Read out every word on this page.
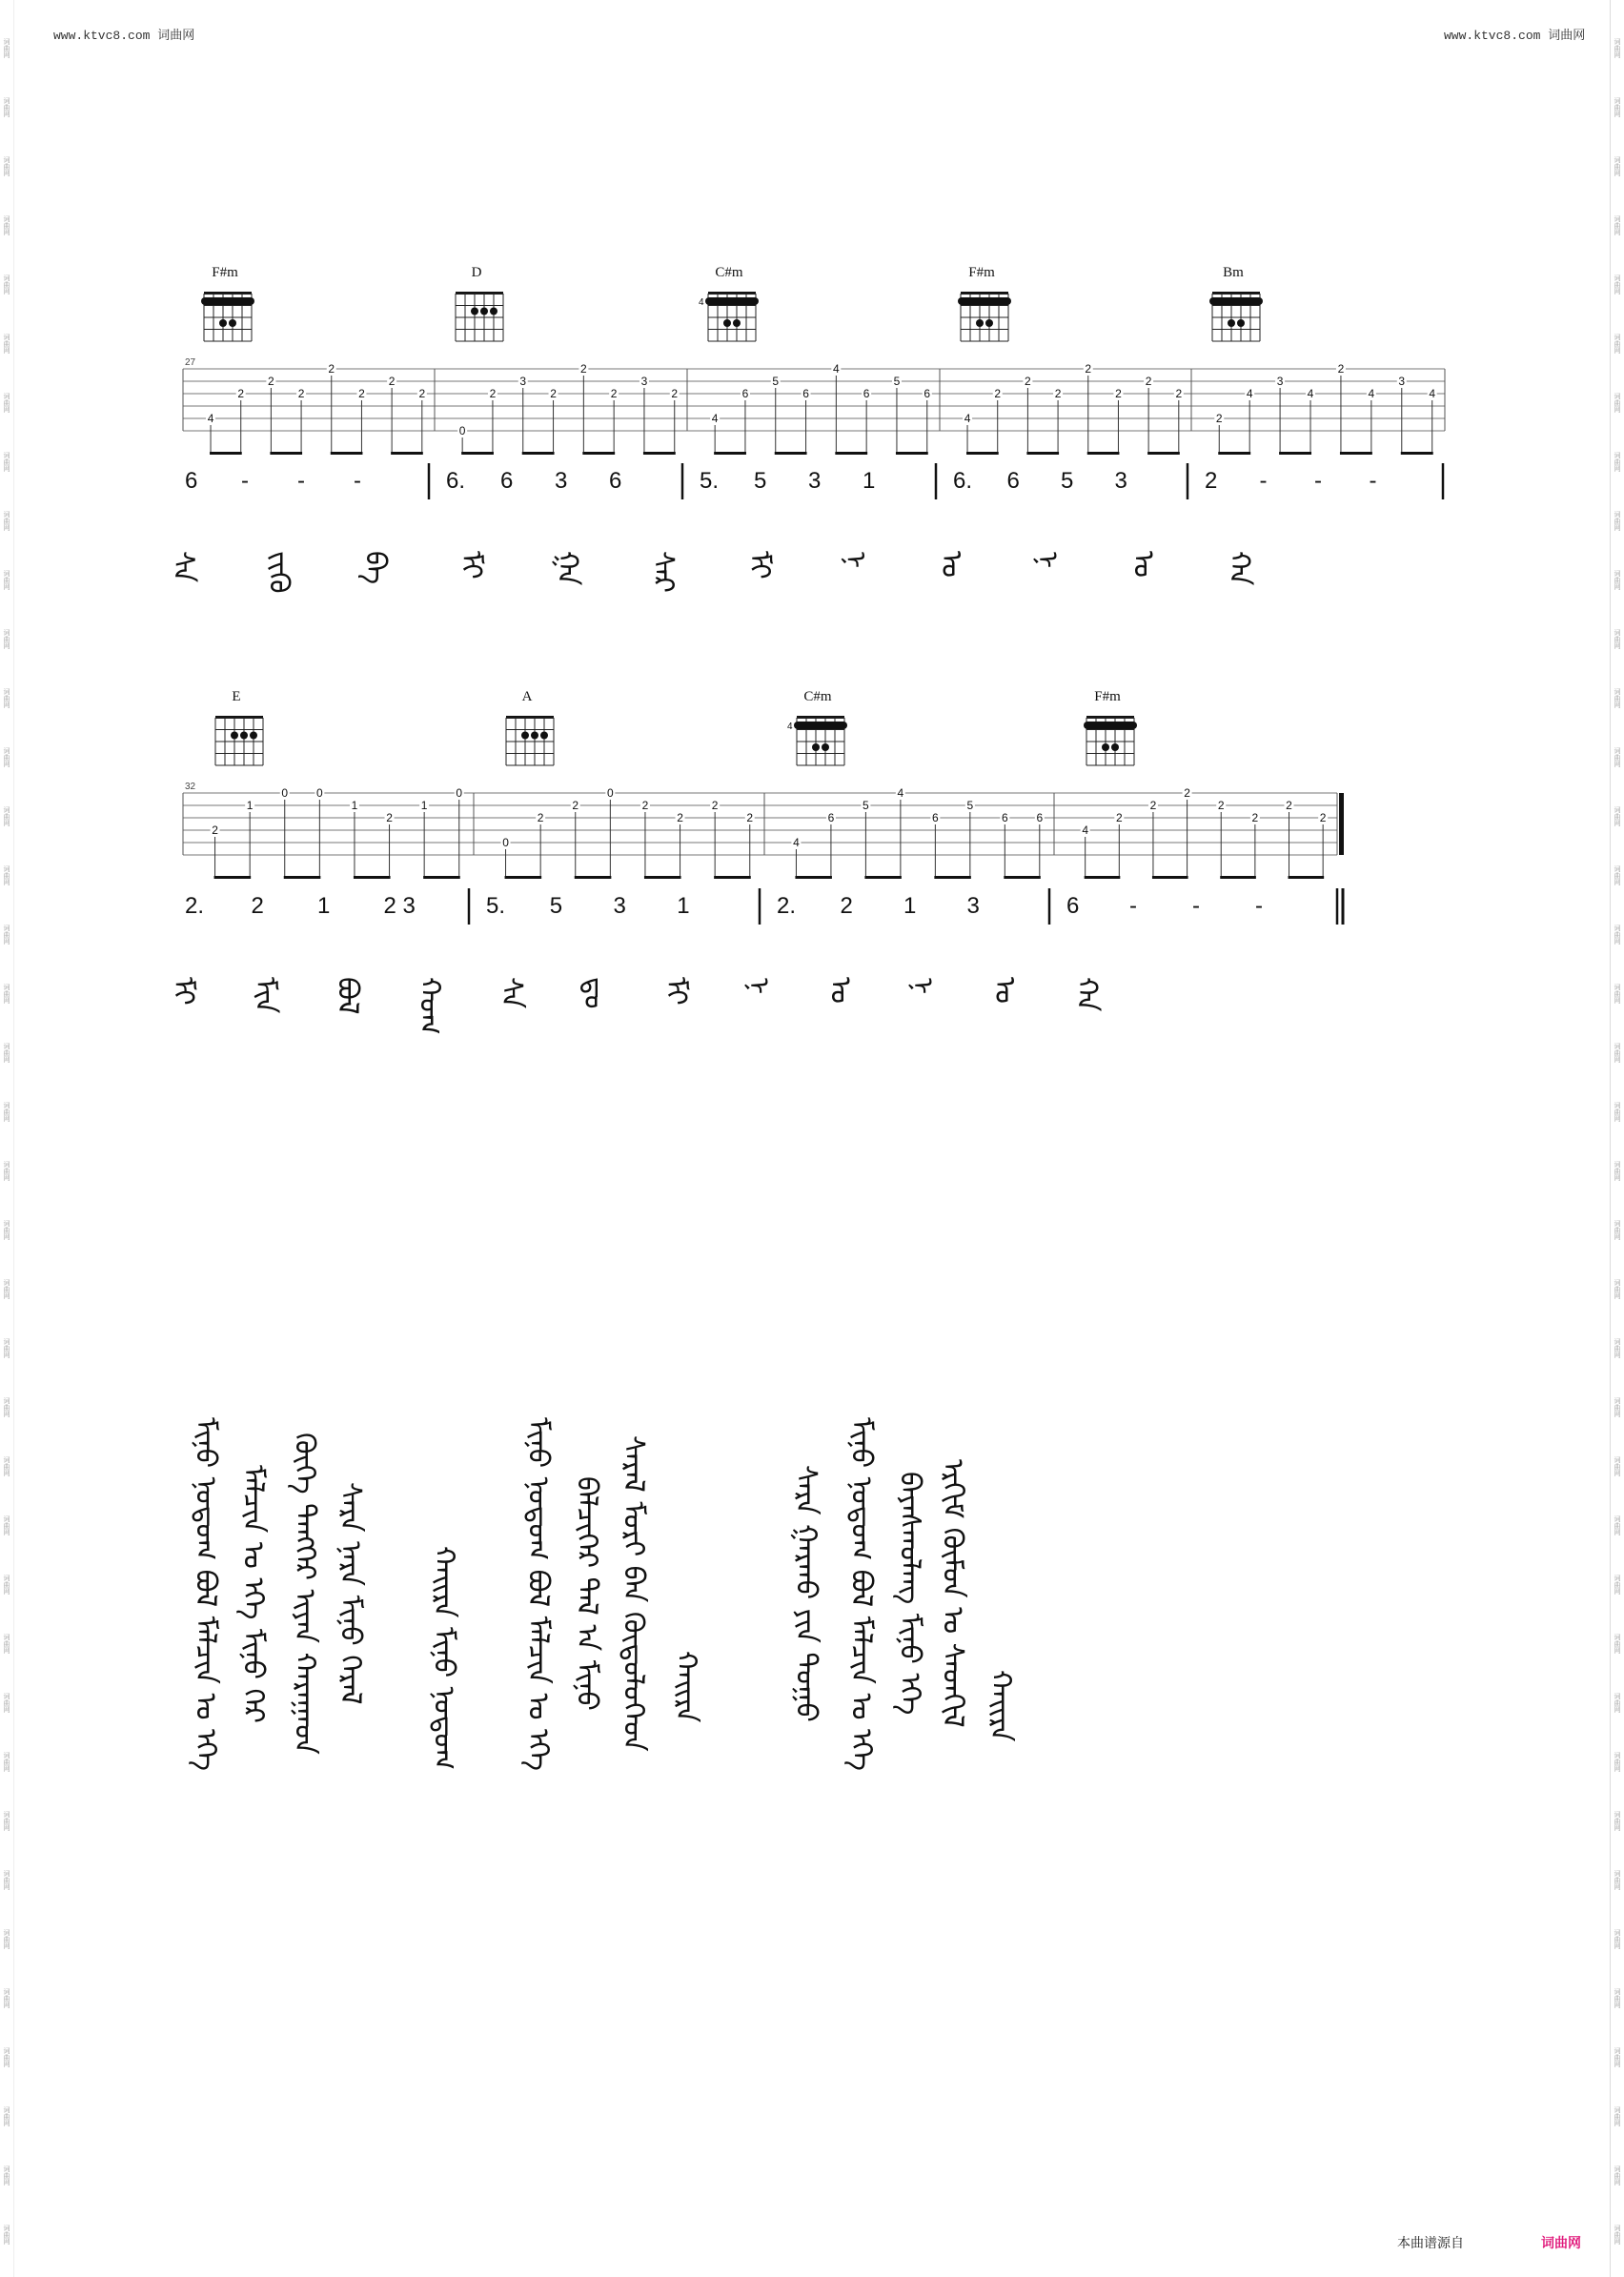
www.ktvc8.com 词曲网	www.ktvc8.com 词曲网
词曲网
词曲网
词曲网
词曲网
词曲网
词曲网
词曲网
词曲网
词曲网
词曲网
词曲网
词曲网
词曲网
词曲网
词曲网
词曲网
词曲网
词曲网
词曲网
词曲网
词曲网
词曲网
词曲网
词曲网
词曲网
词曲网
词曲网
词曲网
词曲网
词曲网
词曲网
词曲网
词曲网
词曲网
词曲网
词曲网
词曲网
词曲网
词曲网
词曲网
词曲网
词曲网
词曲网
词曲网
词曲网
词曲网
词曲网
词曲网
词曲网
词曲网
词曲网
词曲网
词曲网
词曲网
词曲网
词曲网
词曲网
词曲网
词曲网
词曲网
词曲网
词曲网
词曲网
词曲网
词曲网
词曲网
词曲网
词曲网
词曲网
词曲网
词曲网
词曲网
词曲网
词曲网
词曲网
词曲网
27
4
2
2
2
2
2
2
2
0
2
3
2
2
2
3
2
4
6
5
6
4
6
5
6
4
2
2
2
2
2
2
2
2
4
3
4
2
4
3
4
F#m	D	C#m
4
F#m	Bm
6 - - -	6. 6 3 6	5. 5 3 1	6. 6 5 3	2 - - -
ᠰᠠ ᠵᠢᠭᠦ ᠪᠠ ᠮᠢ ᠭᠠ ᠰᠠᠷ ᠮᠢ ᠨ ᠣ ᠨ ᠣ ᠬᠠ
32
2
1
0 0
1
2
1
0
0
2
2
0
2
2
2
2
4
6
5
4
6
5
6 6
4
2
2
2
2
2
2
2
E	A	C#m
4
F#m
2. 2 1 2 3	5. 5 3 1	2. 2 1 3	6 - - -
ᠮᠢ ᠮᠢᠨ ᠪᠣᠯ ᠬᠤᠭ ᠰᠠ ᠳᠤ ᠮᠢ ᠨ ᠣ ᠨ ᠣ ᠬᠠ
ᠮᠢᠨᠦ ᠨᠤᠲᠤᠭ ᠪᠣᠯ ᠮᠠᠯᠴᠢᠨ ᠤ ᠡᠬᠡ ᠮᠠᠯᠴᠢᠨ ᠤ ᠡᠬᠡ ᠮᠢᠨᠦ ᠭᠡᠷ ᠬᠦᠬᠡ ᠲᠡᠩᠭᠡᠷ ᠢᠶᠡᠨ ᠬᠠᠷᠠᠭᠠᠳ ᠰᠠᠷᠠ ᠨᠠᠷᠠ ᠮᠢᠨᠦ ᠭᠡᠷᠡᠯ ᠬᠠᠢᠷᠠ ᠮᠢᠨᠦ ᠨᠤᠲᠤᠭ ᠮᠢᠨᠦ ᠨᠤᠲᠤᠭ ᠪᠣᠯ ᠮᠠᠯᠴᠢᠨ ᠤ ᠡᠬᠡ ᠪᠡᠯᠴᠢᠭᠡᠷ ᠲᠠᠯ ᠠ ᠮᠢᠨᠦ ᠰᠠᠷᠠᠯ ᠮᠣᠷᠢ ᠪᠠᠨ ᠬᠥᠲᠦᠯᠦᠭᠡᠳ ᠬᠠᠢᠷᠠ	ᠰᠠᠷᠠ ᠭᠠᠷᠬᠤ ᠶᠢᠨ ᠳᠤᠭᠤ ᠮᠢᠨᠦ ᠨᠤᠲᠤᠭ ᠪᠣᠯ ᠮᠠᠯᠴᠢᠨ ᠤ ᠡᠬᠡ ᠪᠠᠶᠠᠰᠬᠤᠯᠠᠩ ᠮᠢᠨᠦ ᠡᠬᠡ ᠡᠷᠬᠢᠮ ᠬᠦᠮᠦᠨ ᠤ ᠰᠡᠳᠬᠢᠯ ᠬᠠᠢᠷᠠ
本曲谱源自	词曲网
